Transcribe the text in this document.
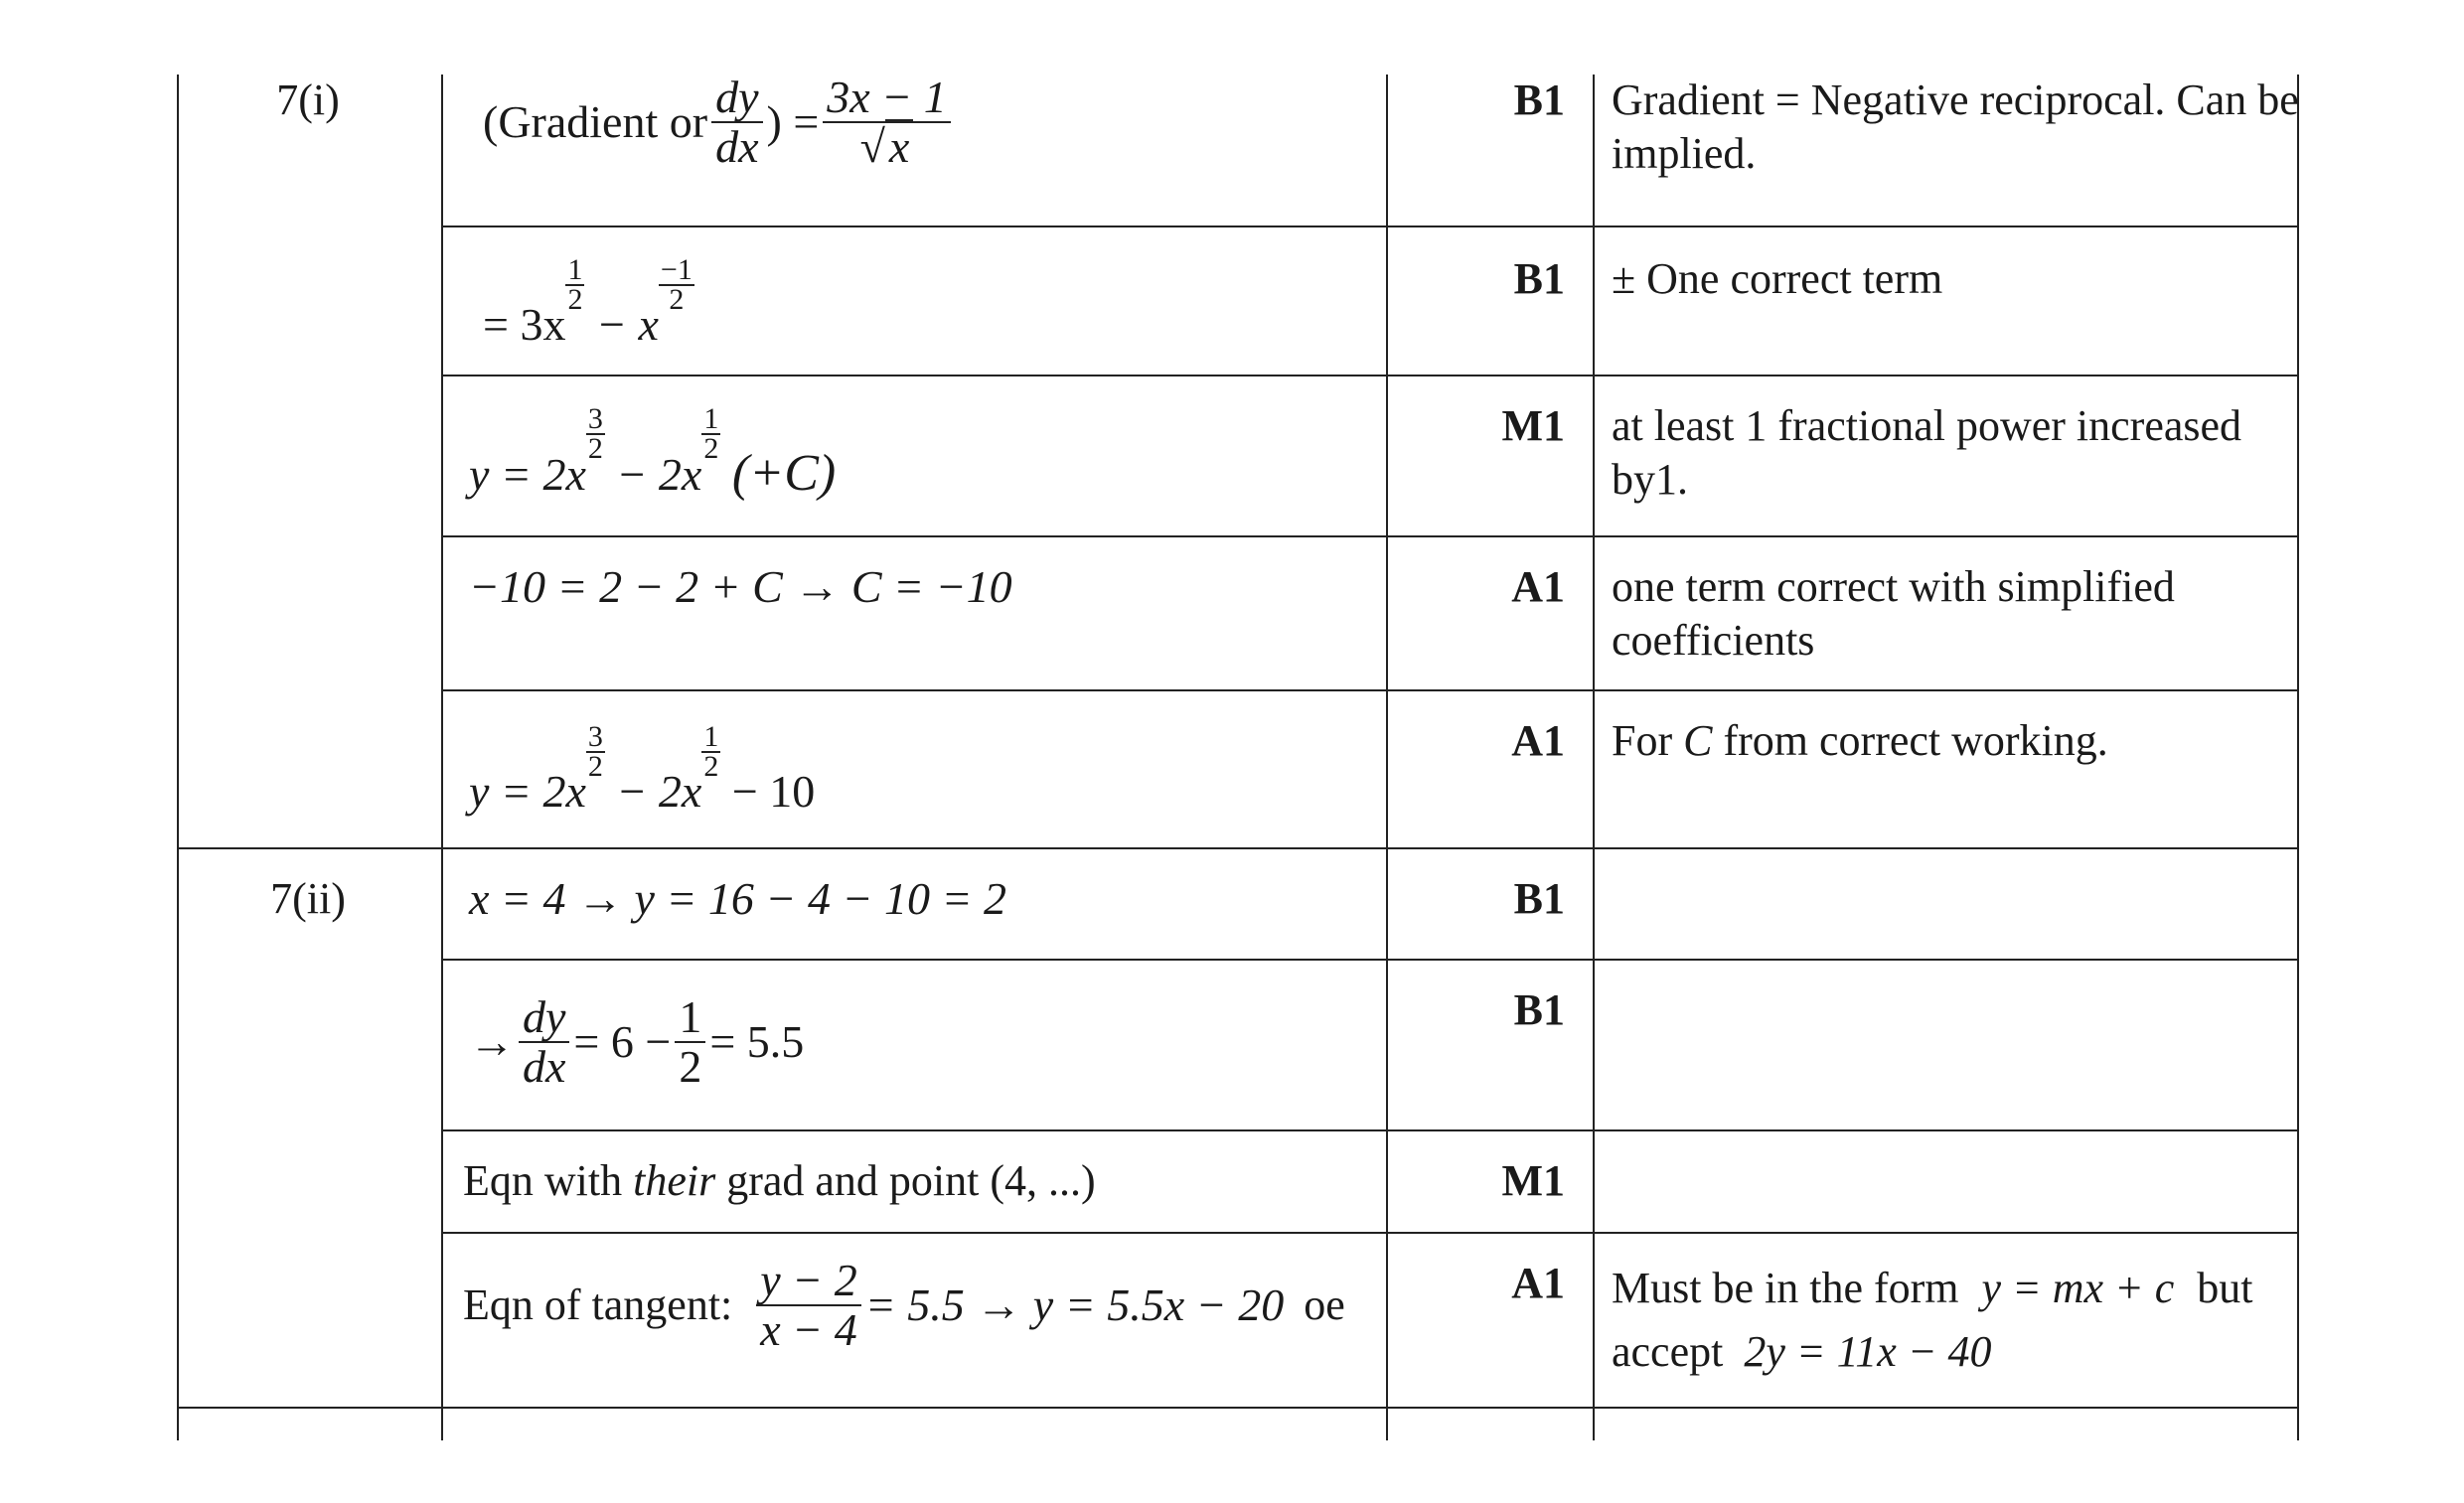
7(i)
7(ii)
B1
B1
M1
A1
A1
B1
B1
M1
A1
Gradient = Negative reciprocal. Can be implied.
± One correct term
at least 1 fractional power increased by1.
one term correct with simplified coefficients
For C from correct working.
Must be in the form y = mx + c but
accept 2y = 11x − 40
(Gradient or $\frac{dy}{dx}$ ) = $\frac{3x - 1}{√x}$
= 3x
$\frac{1}{2}$
− x
$\frac{-1}{2}$
y = 2x
$\frac{3}{2}$
− 2x
$\frac{1}{2}$
(+C)
−10 = 2 − 2 + C → C = −10
y = 2x
$\frac{3}{2}$
− 2x
$\frac{1}{2}$
− 10
x = 4 → y = 16 − 4 − 10 = 2
→ $\frac{dy}{dx} = 6 - \frac{1}{2} = 5.5$
Eqn with their grad and point (4, ...)
Eqn of tangent: $\frac{y - 2}{x - 4} = 5.5 \to y = 5.5x - 20$ oe
